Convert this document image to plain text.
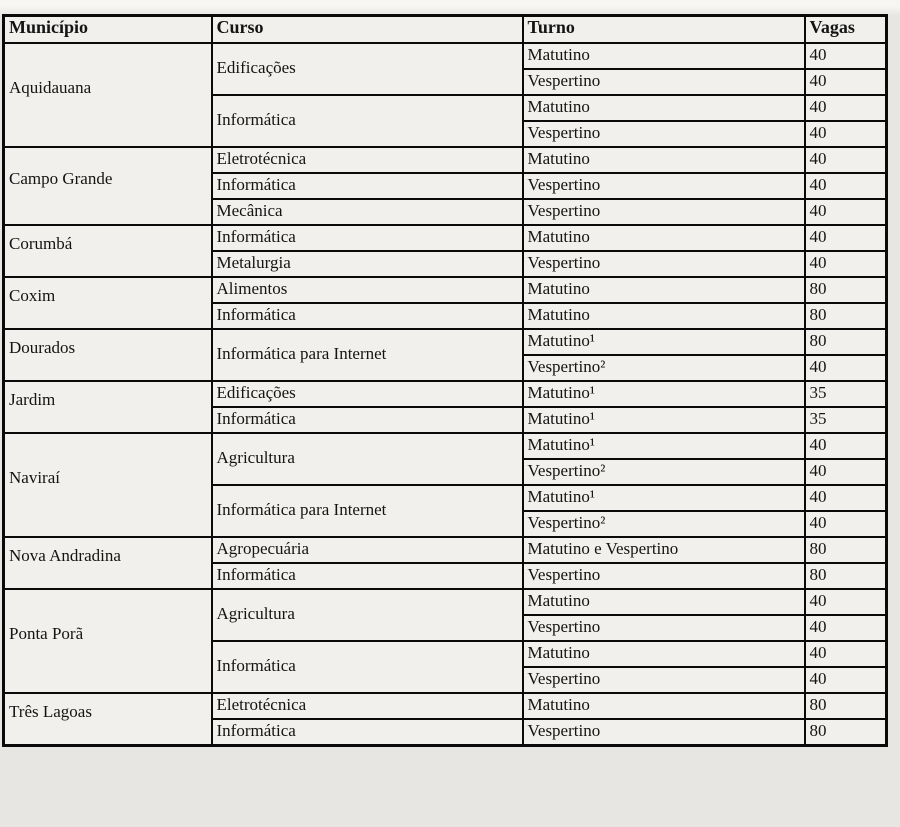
Município	Curso	Turno	Vagas
Aquidauana	Edificações	Matutino	40
		Vespertino	40
	Informática	Matutino	40
		Vespertino	40
Campo Grande	Eletrotécnica	Matutino	40
	Informática	Vespertino	40
	Mecânica	Vespertino	40
Corumbá	Informática	Matutino	40
	Metalurgia	Vespertino	40
Coxim	Alimentos	Matutino	80
	Informática	Matutino	80
Dourados	Informática para Internet	Matutino¹	80
		Vespertino²	40
Jardim	Edificações	Matutino¹	35
	Informática	Matutino¹	35
Naviraí	Agricultura	Matutino¹	40
		Vespertino²	40
	Informática para Internet	Matutino¹	40
		Vespertino²	40
Nova Andradina	Agropecuária	Matutino e Vespertino	80
	Informática	Vespertino	80
Ponta Porã	Agricultura	Matutino	40
		Vespertino	40
	Informática	Matutino	40
		Vespertino	40
Três Lagoas	Eletrotécnica	Matutino	80
	Informática	Vespertino	80
